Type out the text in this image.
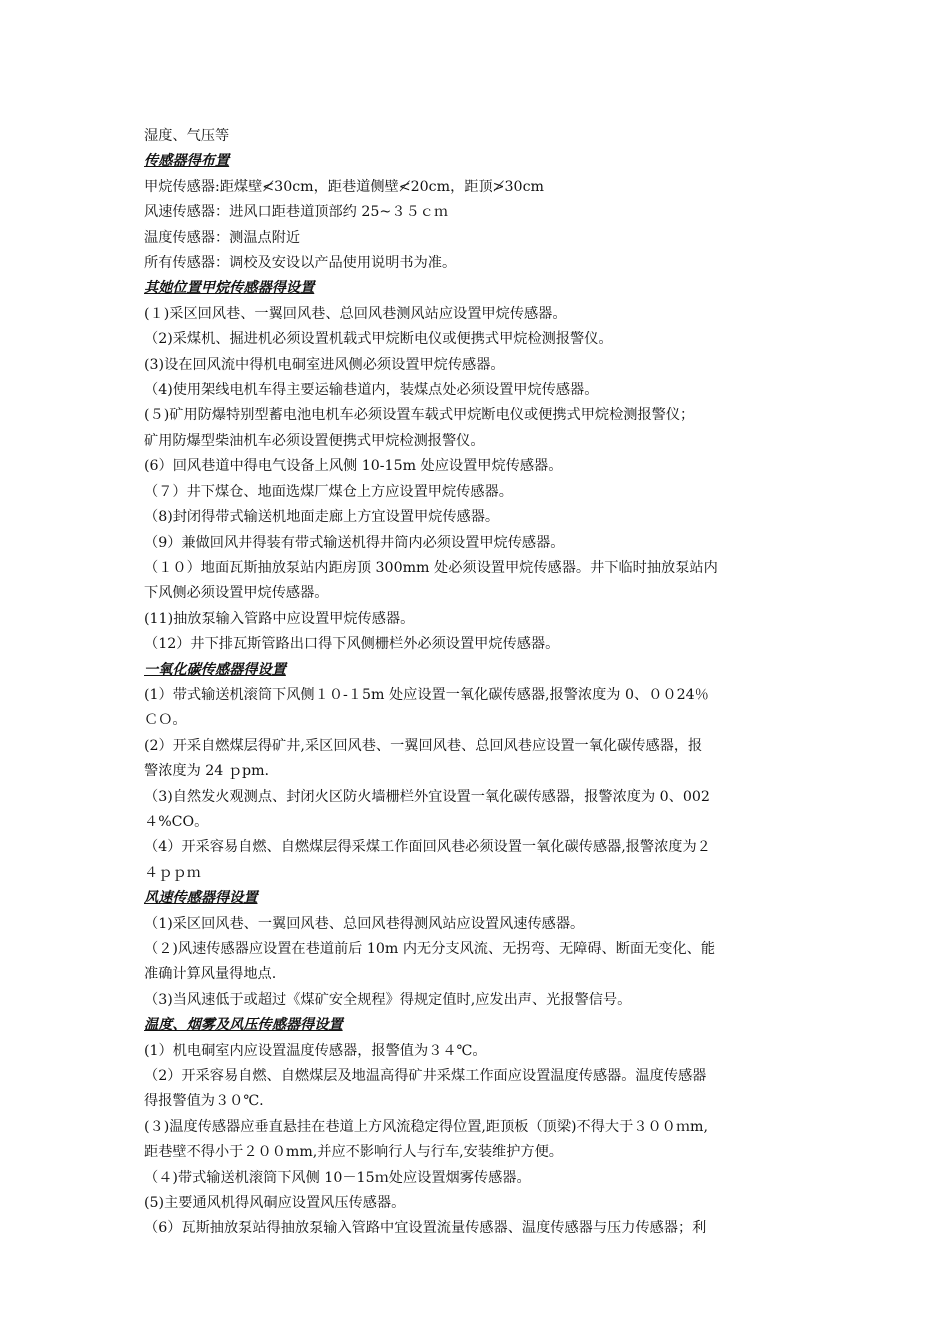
湿度、气压等
传感器得布置
甲烷传感器:距煤壁≮30cm，距巷道侧壁≮20cm，距顶≯30cm
风速传感器：进风口距巷道顶部约 25~３５ｃｍ
温度传感器：测温点附近
所有传感器：调校及安设以产品使用说明书为准。
其她位置甲烷传感器得设置
(１)采区回风巷、一翼回风巷、总回风巷测风站应设置甲烷传感器。
（2)采煤机、掘进机必须设置机载式甲烷断电仪或便携式甲烷检测报警仪。
(3)设在回风流中得机电硐室进风侧必须设置甲烷传感器。
（4)使用架线电机车得主要运输巷道内，装煤点处必须设置甲烷传感器。
(５)矿用防爆特别型蓄电池电机车必须设置车载式甲烷断电仪或便携式甲烷检测报警仪；
矿用防爆型柴油机车必须设置便携式甲烷检测报警仪。
(6）回风巷道中得电气设备上风侧 10-15m 处应设置甲烷传感器。
（７）井下煤仓、地面选煤厂煤仓上方应设置甲烷传感器。
（8)封闭得带式输送机地面走廊上方宜设置甲烷传感器。
（9）兼做回风井得装有带式输送机得井筒内必须设置甲烷传感器。
（１０）地面瓦斯抽放泵站内距房顶 300mm 处必须设置甲烷传感器。井下临时抽放泵站内
下风侧必须设置甲烷传感器。
(11)抽放泵输入管路中应设置甲烷传感器。
（12）井下排瓦斯管路出口得下风侧栅栏外必须设置甲烷传感器。
一氧化碳传感器得设置
(1）带式输送机滚筒下风侧１０-１5m 处应设置一氧化碳传感器,报警浓度为 0、００24％
ＣＯ。
(2）开采自燃煤层得矿井,采区回风巷、一翼回风巷、总回风巷应设置一氧化碳传感器，报
警浓度为 24 ｐpm.
（3)自然发火观测点、封闭火区防火墙栅栏外宜设置一氧化碳传感器，报警浓度为 0、002
４%CO。
（4）开采容易自燃、自燃煤层得采煤工作面回风巷必须设置一氧化碳传感器,报警浓度为２
４ｐｐｍ
风速传感器得设置
（1)采区回风巷、一翼回风巷、总回风巷得测风站应设置风速传感器。
（２)风速传感器应设置在巷道前后 10m 内无分支风流、无拐弯、无障碍、断面无变化、能
准确计算风量得地点.
（3)当风速低于或超过《煤矿安全规程》得规定值时,应发出声、光报警信号。
温度、烟雾及风压传感器得设置
(1）机电硐室内应设置温度传感器，报警值为３４℃。
（2）开采容易自燃、自燃煤层及地温高得矿井采煤工作面应设置温度传感器。温度传感器
得报警值为３０℃.
(３)温度传感器应垂直悬挂在巷道上方风流稳定得位置,距顶板（顶梁)不得大于３００ｍm,
距巷壁不得小于２００mm,并应不影响行人与行车,安装维护方便。
（４)带式输送机滚筒下风侧 10－15ｍ处应设置烟雾传感器。
(5)主要通风机得风硐应设置风压传感器。
（6）瓦斯抽放泵站得抽放泵输入管路中宜设置流量传感器、温度传感器与压力传感器；利
